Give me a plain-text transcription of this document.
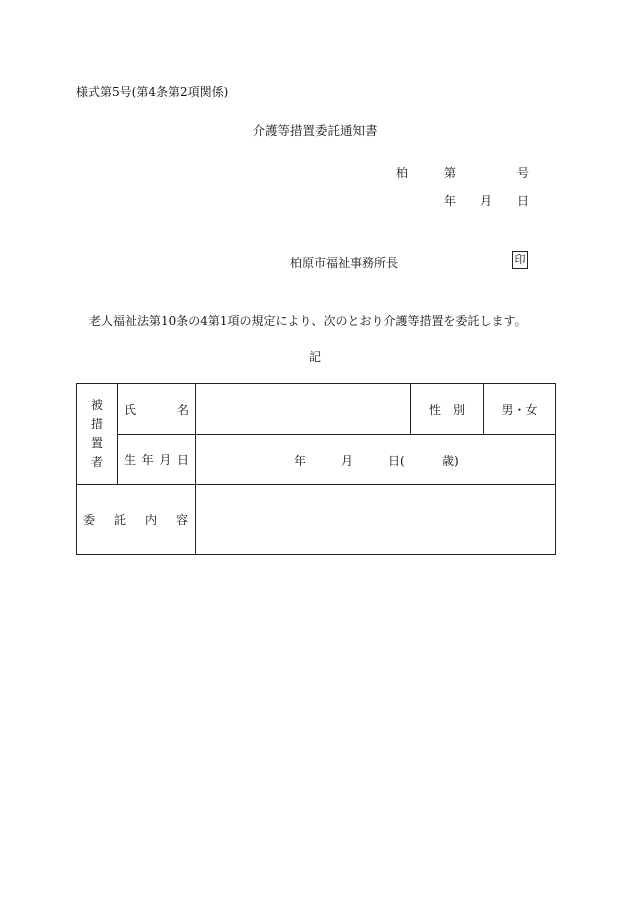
様式第5号(第4条第2項関係)
介護等措置委託通知書
柏	第	号
年 月 日
柏原市福祉事務所長	印
老人福祉法第10条の4第1項の規定により、次のとおり介護等措置を委託します。
記
被措置者	氏 名		性　別	男・女

	生 年 月 日	年 月 日( 歳)		

委 託 内 容				
